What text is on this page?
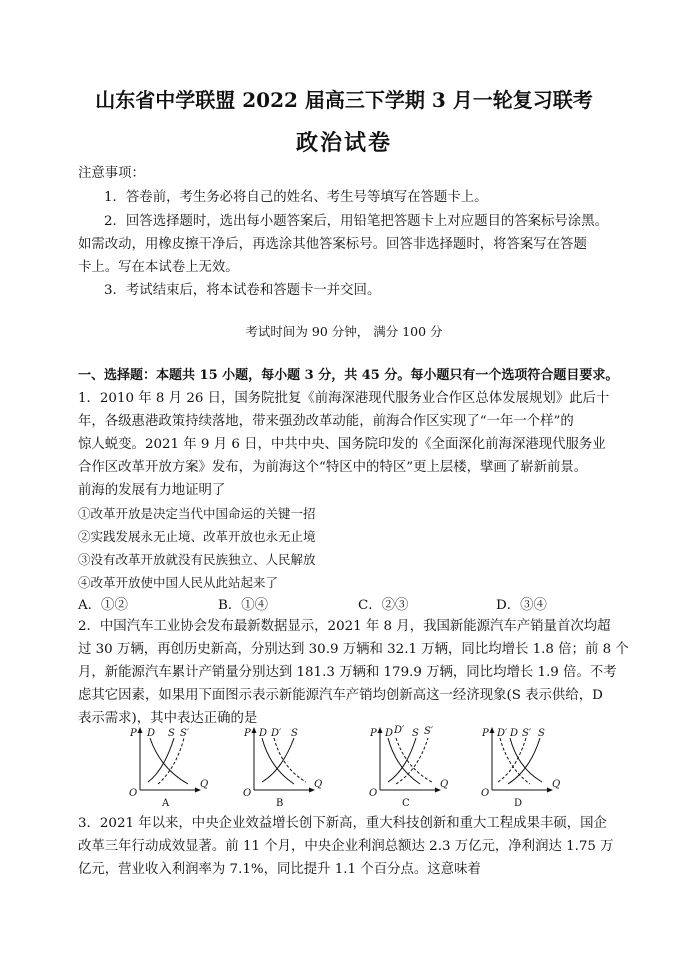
山东省中学联盟 2022 届高三下学期 3 月一轮复习联考
政治试卷
注意事项：
1．答卷前，考生务必将自己的姓名、考生号等填写在答题卡上。
2．回答选择题时，选出每小题答案后，用铅笔把答题卡上对应题目的答案标号涂黑。
如需改动，用橡皮擦干净后，再选涂其他答案标号。回答非选择题时，将答案写在答题
卡上。写在本试卷上无效。
3．考试结束后，将本试卷和答题卡一并交回。
考试时间为 90 分钟， 满分 100 分
一、选择题：本题共 15 小题，每小题 3 分，共 45 分。每小题只有一个选项符合题目要求。
1．2010 年 8 月 26 日，国务院批复《前海深港现代服务业合作区总体发展规划》此后十
年，各级惠港政策持续落地，带来强劲改革动能，前海合作区实现了“一年一个样”的
惊人蜕变。2021 年 9 月 6 日，中共中央、国务院印发的《全面深化前海深港现代服务业
合作区改革开放方案》发布，为前海这个“特区中的特区”更上层楼，擘画了崭新前景。
前海的发展有力地证明了
①改革开放是决定当代中国命运的关键一招
②实践发展永无止境、改革开放也永无止境
③没有改革开放就没有民族独立、人民解放
④改革开放使中国人民从此站起来了
A．①②	B．①④	C．②③	D．③④
2．中国汽车工业协会发布最新数据显示，2021 年 8 月，我国新能源汽车产销量首次均超
过 30 万辆，再创历史新高，分别达到 30.9 万辆和 32.1 万辆，同比均增长 1.8 倍；前 8 个
月，新能源汽车累计产销量分别达到 181.3 万辆和 179.9 万辆，同比均增长 1.9 倍。不考
虑其它因素，如果用下面图示表示新能源汽车产销均创新高这一经济现象(S 表示供给，D
表示需求)，其中表达正确的是
P
Q
O
D S S′
A
P
Q
O
D D′ S
B
P
Q
O
D D′ S S′
C
P
Q
O
D′ D S′ S
D
3．2021 年以来，中央企业效益增长创下新高，重大科技创新和重大工程成果丰硕，国企
改革三年行动成效显著。前 11 个月，中央企业利润总额达 2.3 万亿元，净利润达 1.75 万
亿元，营业收入利润率为 7.1%，同比提升 1.1 个百分点。这意味着
